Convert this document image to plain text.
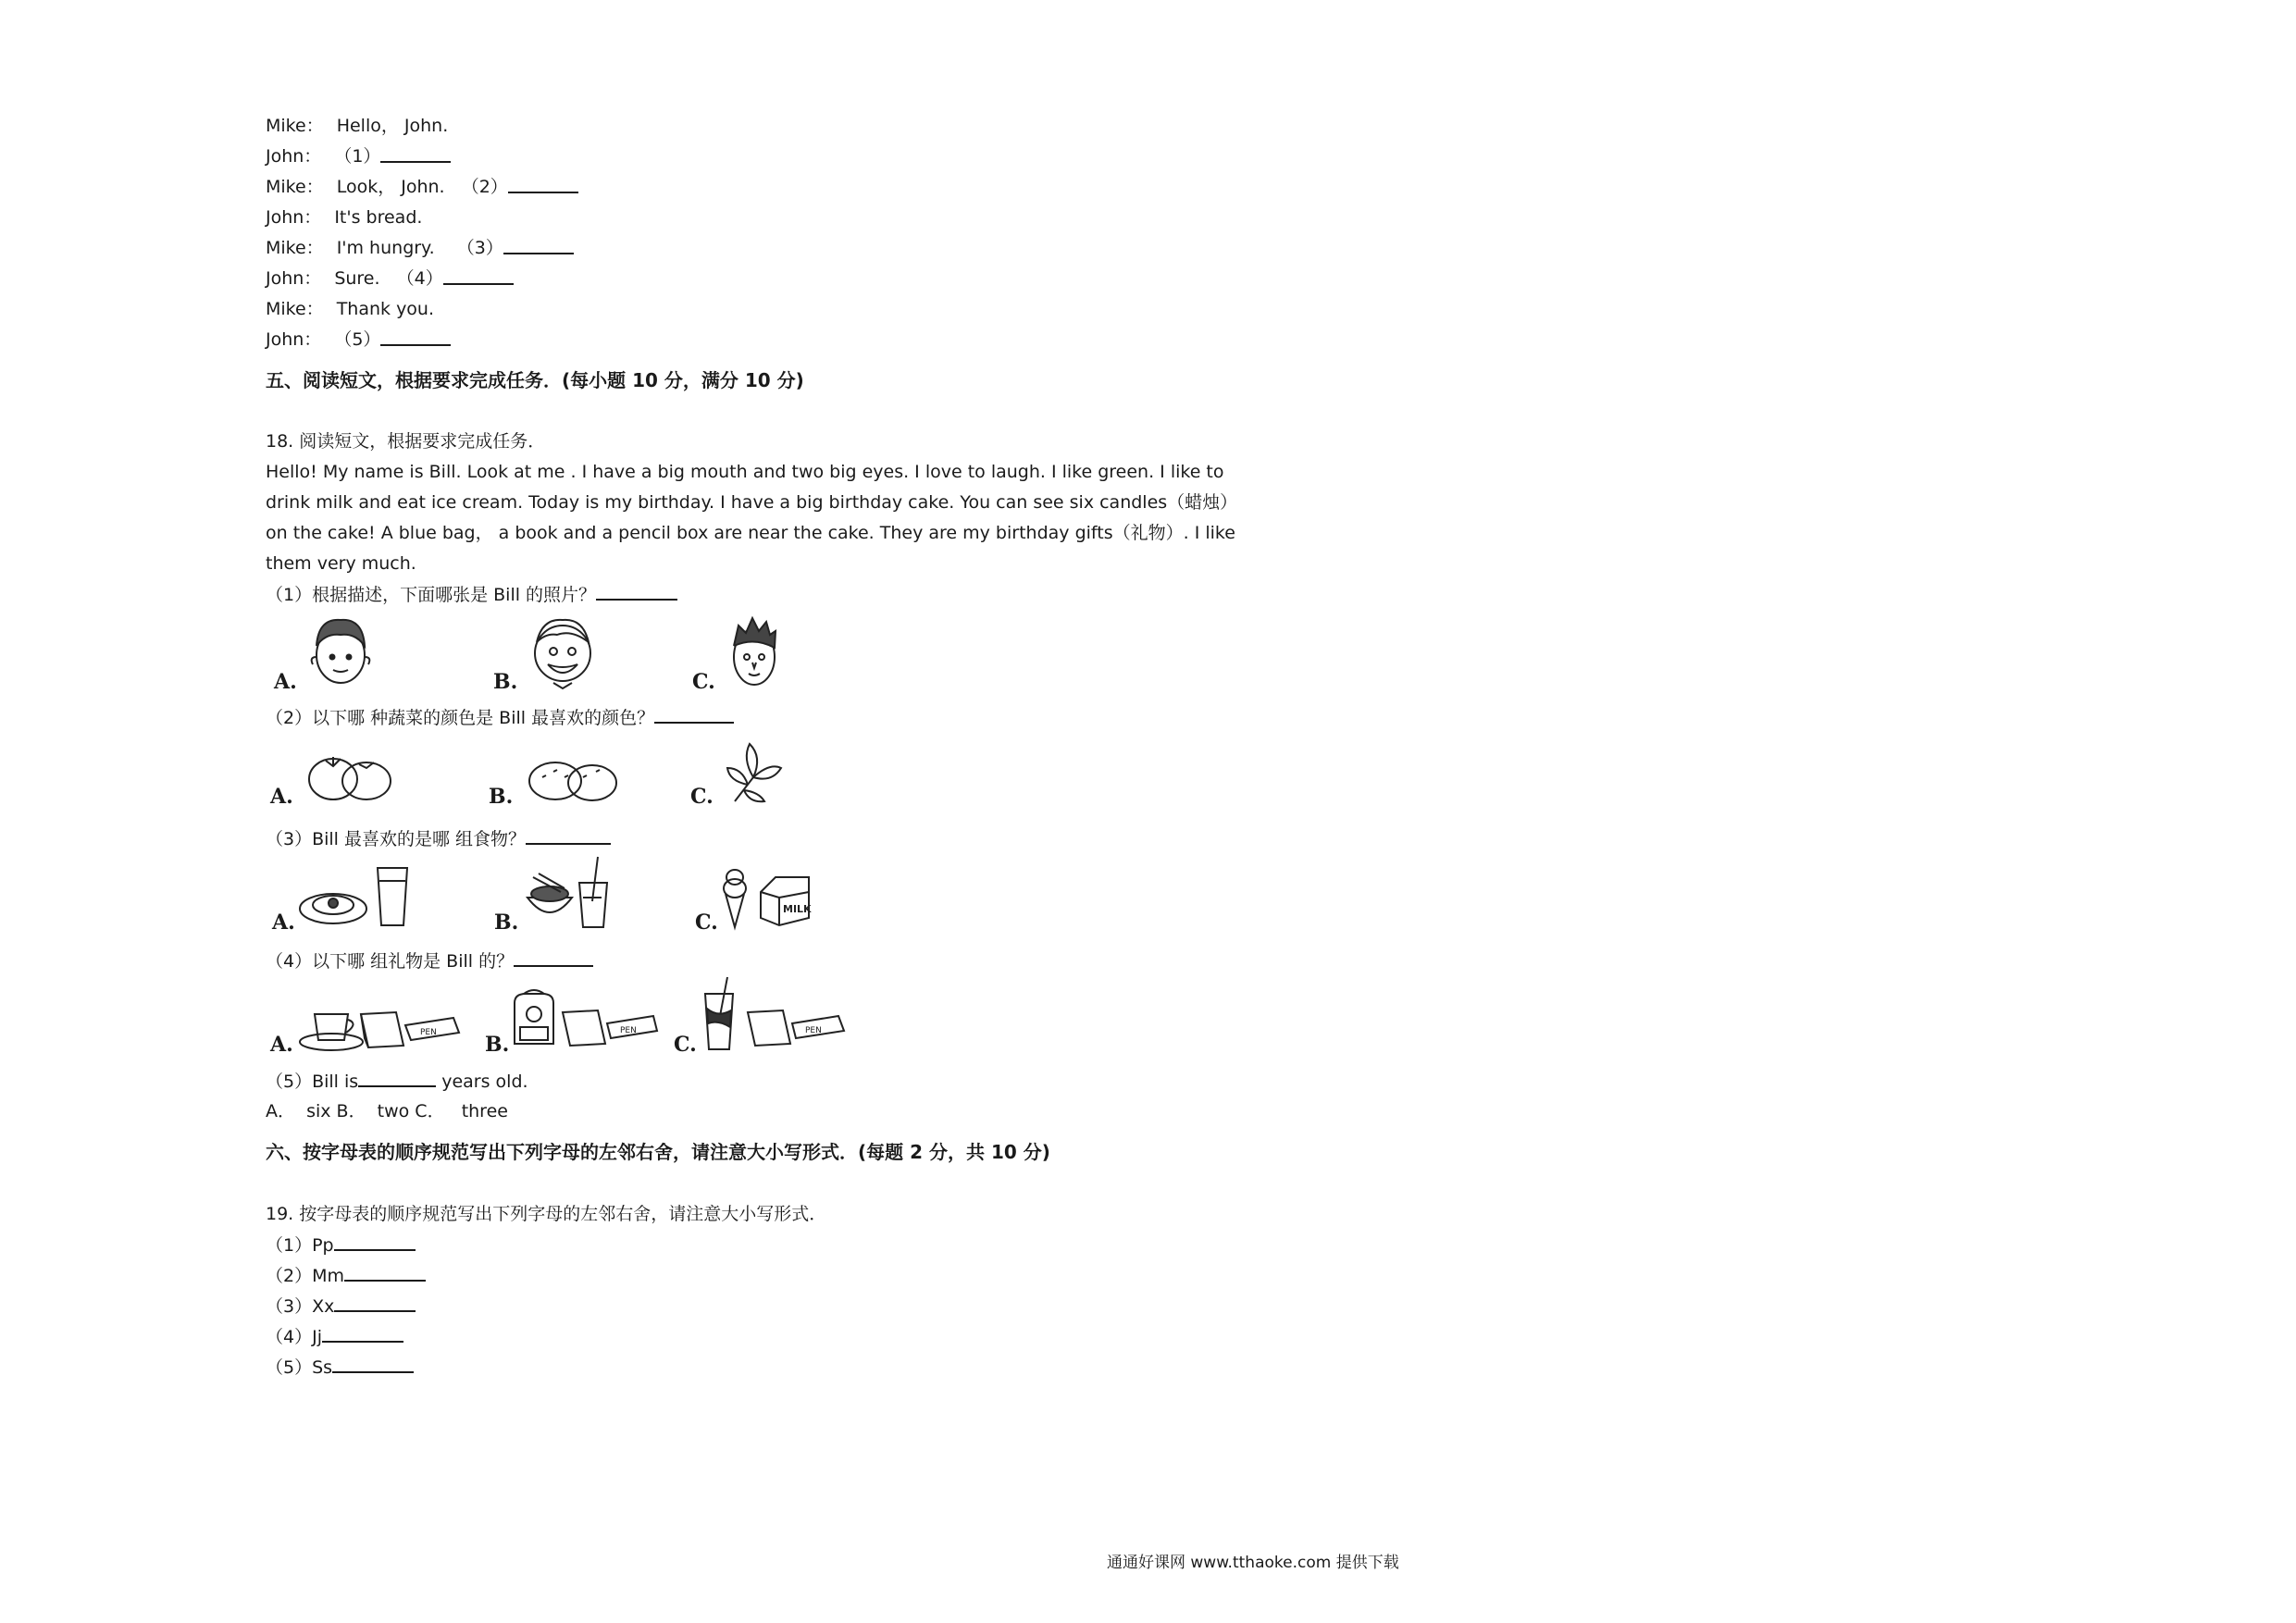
Mike： Hello， John.
John： （1）
Mike： Look， John.   （2）
John： It's bread.
Mike： I'm hungry.    （3）
John： Sure.   （4）
Mike： Thank you.
John： （5）
五、阅读短文，根据要求完成任务．(每小题 10 分，满分 10 分)
18. 阅读短文，根据要求完成任务．
Hello! My name is Bill. Look at me . I have a big mouth and two big eyes. I love to laugh. I like green. I like to drink milk and eat ice cream. Today is my birthday. I have a big birthday cake. You can see six candles（蜡烛）on the cake! A blue bag， a book and a pencil box are near the cake. They are my birthday gifts（礼物）. I like them very much.
（1）根据描述，下面哪张是 Bill 的照片？
A.	B.	C.
（2）以下哪 种蔬菜的颜色是 Bill 最喜欢的颜色？
A.	B.	C.
（3）Bill 最喜欢的是哪 组食物？
A.	B.	C.
MILK
（4）以下哪 组礼物是 Bill 的？
A.	PEN B.
PEN
C.
PEN
（5）Bill is	years old.
A．  six B．  two C．   three
六、按字母表的顺序规范写出下列字母的左邻右舍，请注意大小写形式．(每题 2 分，共 10 分)
19. 按字母表的顺序规范写出下列字母的左邻右舍，请注意大小写形式．
（1）Pp
（2）Mm
（3）Xx
（4）Jj
（5）Ss
通通好课网 www.tthaoke.com 提供下载
